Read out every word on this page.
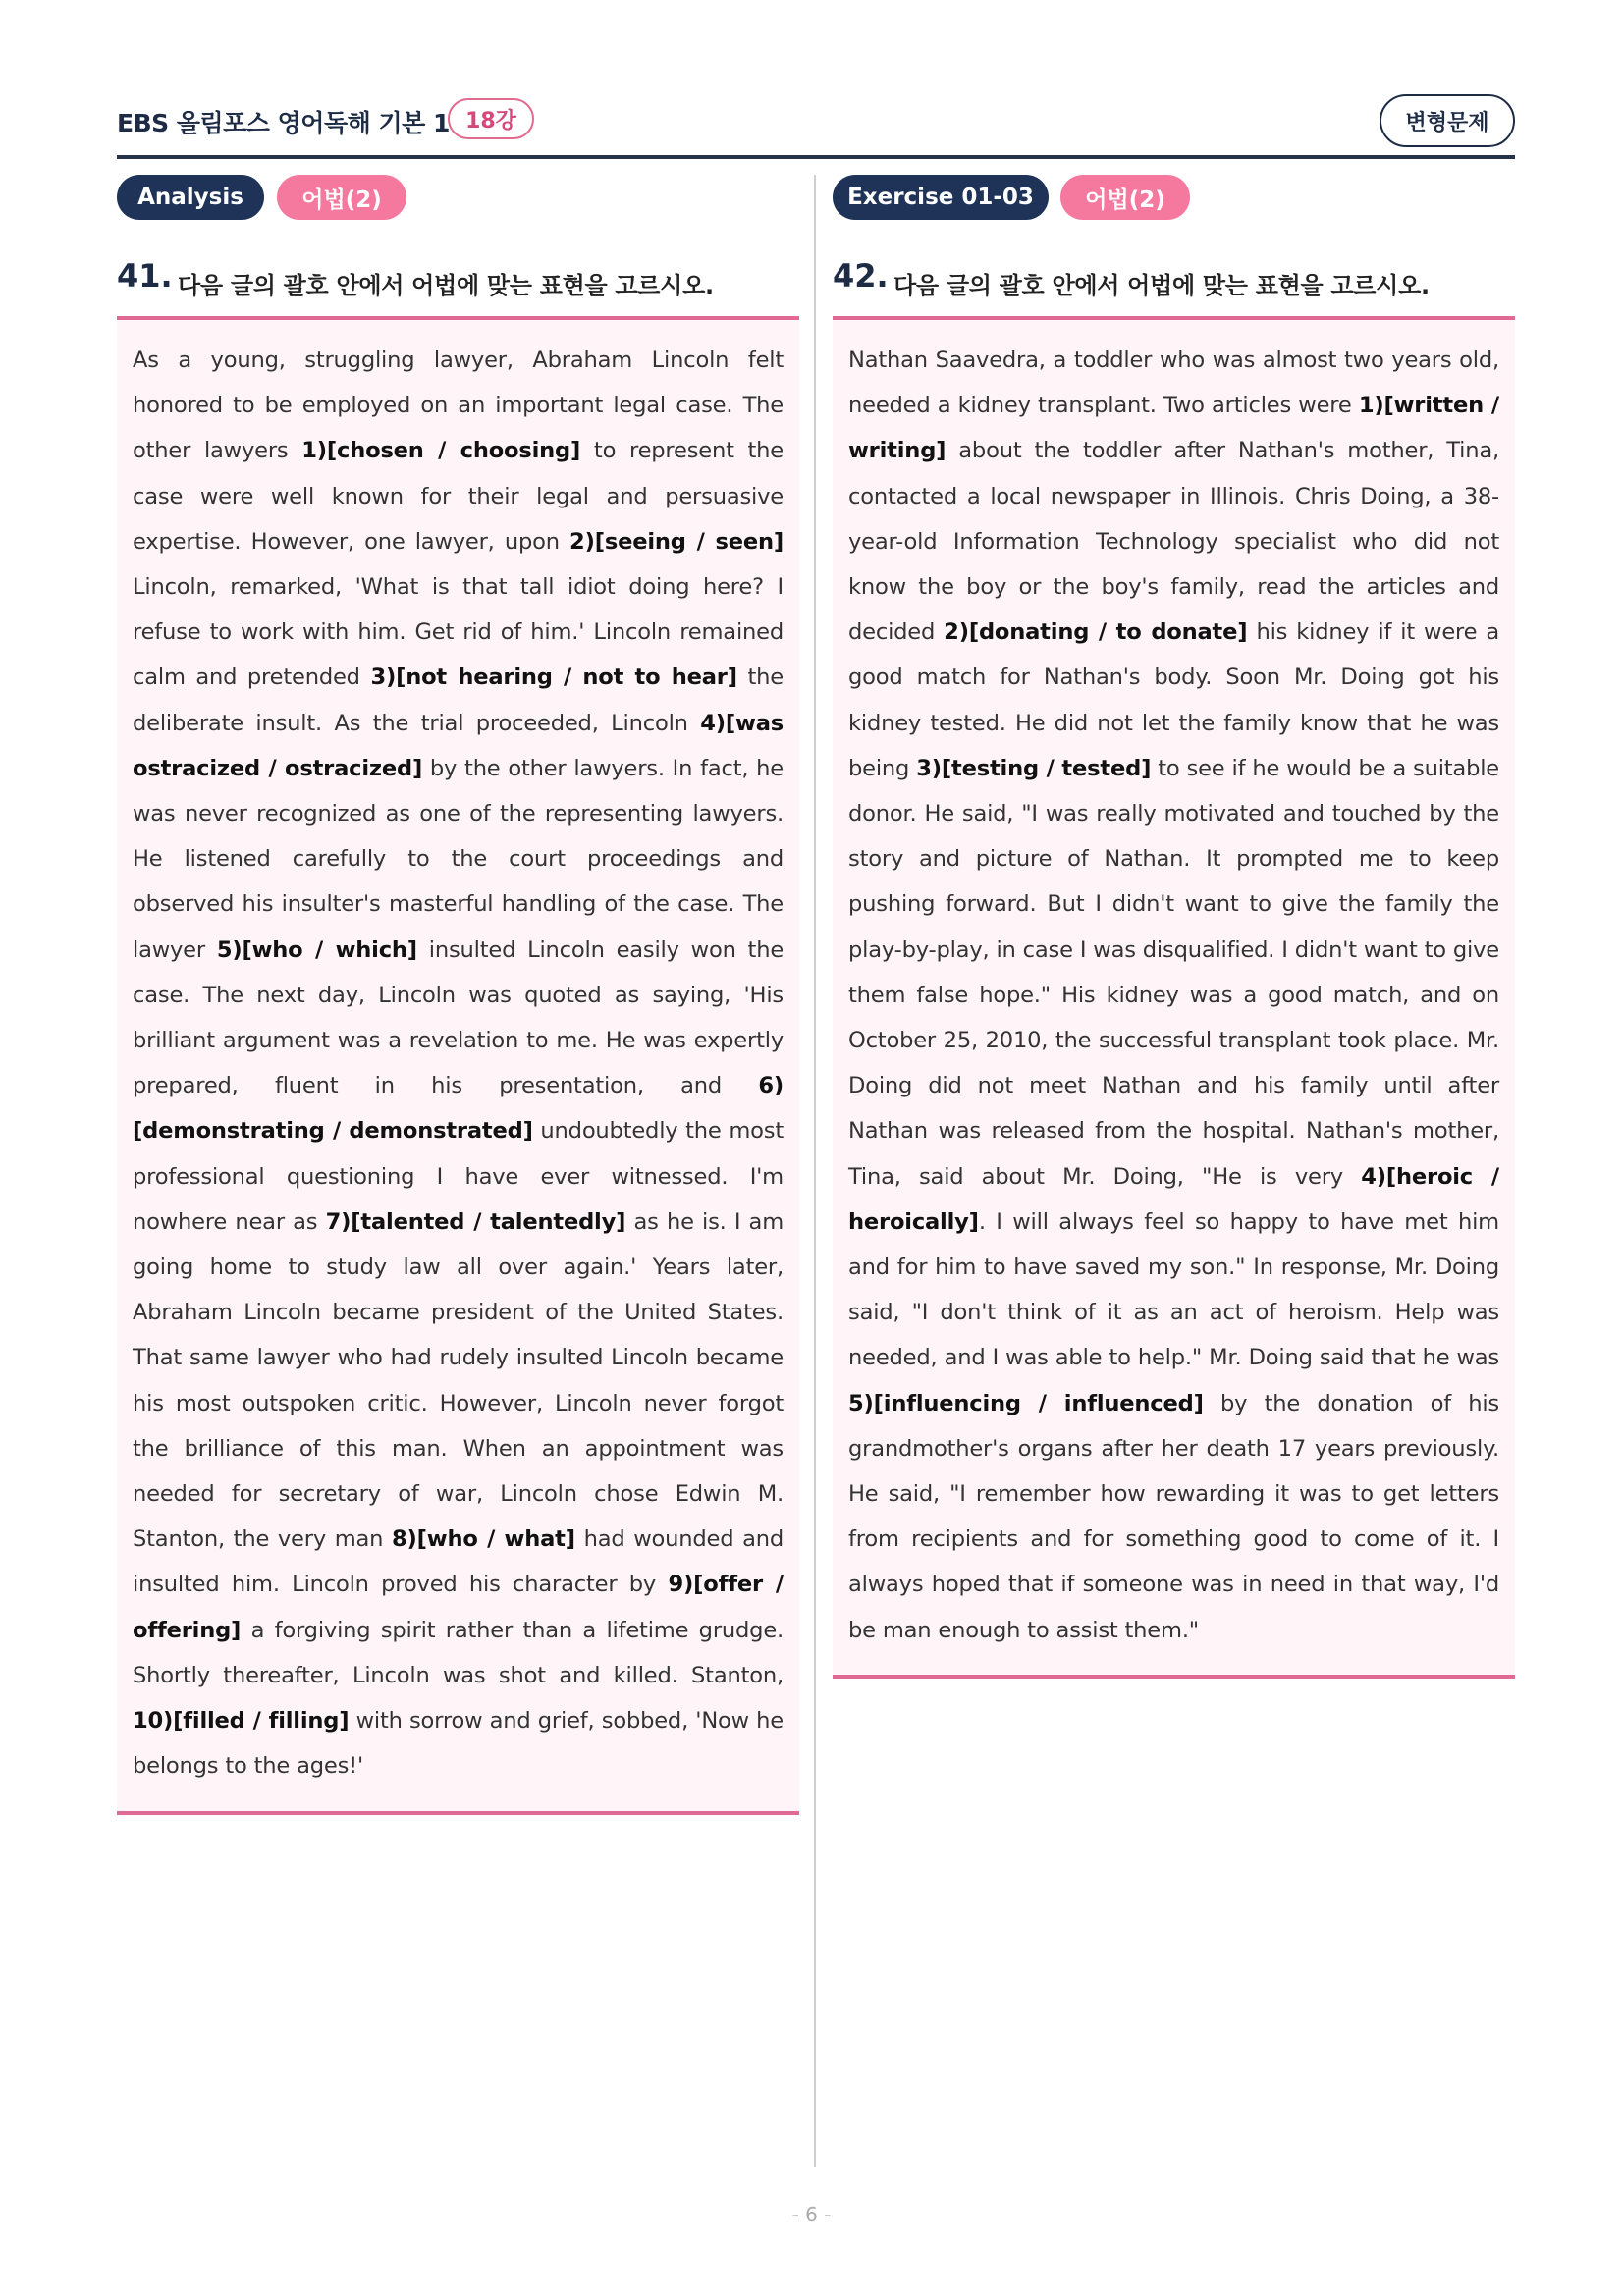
EBS 올림포스 영어독해 기본 1 18강	변형문제
Analysis	어법(2)
41. 다음 글의 괄호 안에서 어법에 맞는 표현을 고르시오.

As a young, struggling lawyer, Abraham Lincoln felt honored to be employed on an important legal case. The other lawyers 1)[chosen / choosing] to represent the case were well known for their legal and persuasive expertise. However, one lawyer, upon 2)[seeing / seen] Lincoln, remarked, 'What is that tall idiot doing here? I refuse to work with him. Get rid of him.' Lincoln remained calm and pretended 3)[not hearing / not to hear] the deliberate insult. As the trial proceeded, Lincoln 4)[was ostracized / ostracized] by the other lawyers. In fact, he was never recognized as one of the representing lawyers. He listened carefully to the court proceedings and observed his insulter's masterful handling of the case. The lawyer 5)[who / which] insulted Lincoln easily won the case. The next day, Lincoln was quoted as saying, 'His brilliant argument was a revelation to me. He was expertly prepared, fluent in his presentation, and 6)[demonstrating / demonstrated] undoubtedly the most professional questioning I have ever witnessed. I'm nowhere near as 7)[talented / talentedly] as he is. I am going home to study law all over again.' Years later, Abraham Lincoln became president of the United States. That same lawyer who had rudely insulted Lincoln became his most outspoken critic. However, Lincoln never forgot the brilliance of this man. When an appointment was needed for secretary of war, Lincoln chose Edwin M. Stanton, the very man 8)[who / what] had wounded and insulted him. Lincoln proved his character by 9)[offer / offering] a forgiving spirit rather than a lifetime grudge. Shortly thereafter, Lincoln was shot and killed. Stanton, 10)[filled / filling] with sorrow and grief, sobbed, 'Now he belongs to the ages!'

Exercise 01-03	어법(2)
42. 다음 글의 괄호 안에서 어법에 맞는 표현을 고르시오.

Nathan Saavedra, a toddler who was almost two years old, needed a kidney transplant. Two articles were 1)[written / writing] about the toddler after Nathan's mother, Tina, contacted a local newspaper in Illinois. Chris Doing, a 38-year-old Information Technology specialist who did not know the boy or the boy's family, read the articles and decided 2)[donating / to donate] his kidney if it were a good match for Nathan's body. Soon Mr. Doing got his kidney tested. He did not let the family know that he was being 3)[testing / tested] to see if he would be a suitable donor. He said, "I was really motivated and touched by the story and picture of Nathan. It prompted me to keep pushing forward. But I didn't want to give the family the play-by-play, in case I was disqualified. I didn't want to give them false hope." His kidney was a good match, and on October 25, 2010, the successful transplant took place. Mr. Doing did not meet Nathan and his family until after Nathan was released from the hospital. Nathan's mother, Tina, said about Mr. Doing, "He is very 4)[heroic / heroically]. I will always feel so happy to have met him and for him to have saved my son." In response, Mr. Doing said, "I don't think of it as an act of heroism. Help was needed, and I was able to help." Mr. Doing said that he was 5)[influencing / influenced] by the donation of his grandmother's organs after her death 17 years previously. He said, "I remember how rewarding it was to get letters from recipients and for something good to come of it. I always hoped that if someone was in need in that way, I'd be man enough to assist them."

- 6 -
